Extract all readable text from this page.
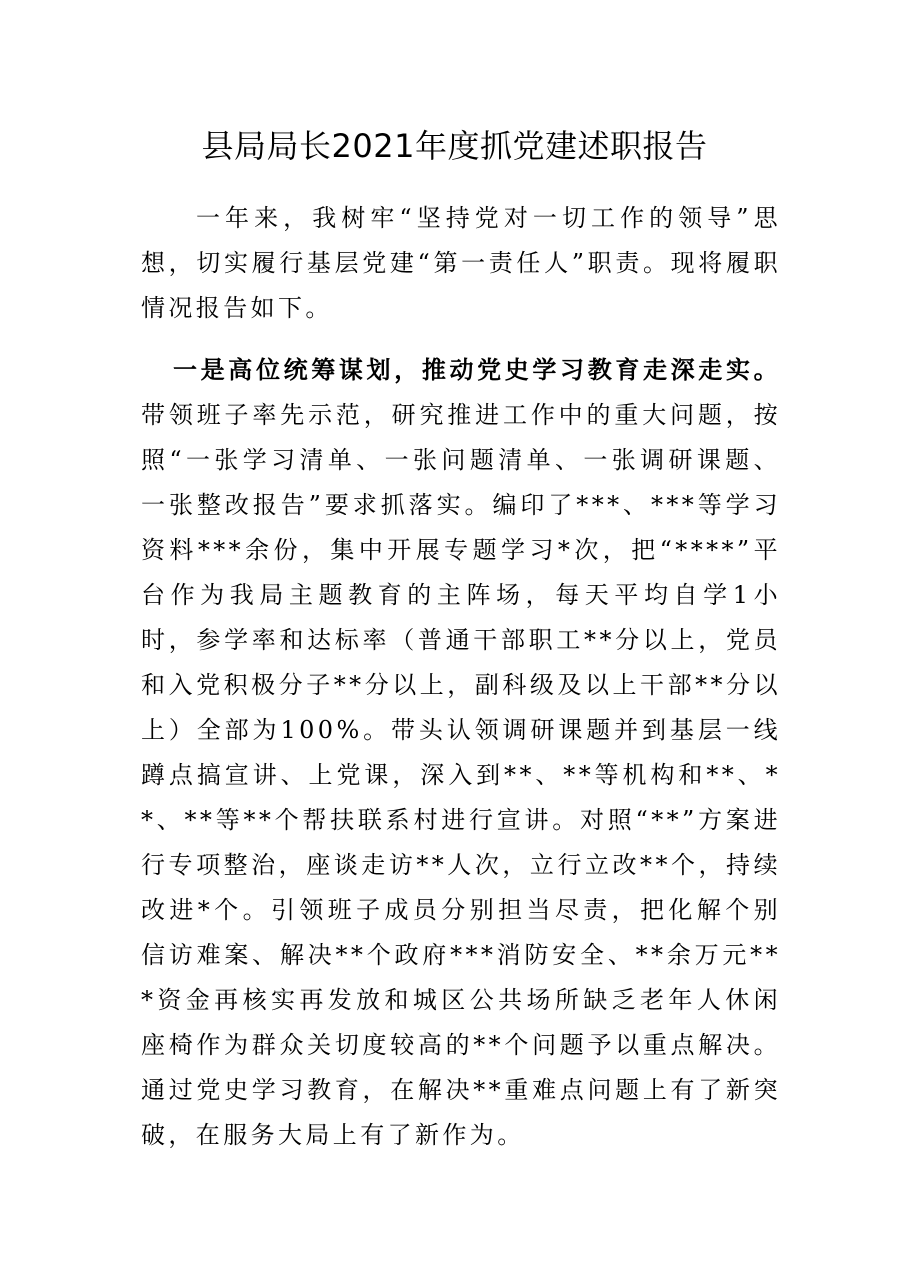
县局局长2021年度抓党建述职报告

一年来，我树牢“坚持党对一切工作的领导”思想，切实履行基层党建“第一责任人”职责。现将履职情况报告如下。

一是高位统筹谋划，推动党史学习教育走深走实。带领班子率先示范，研究推进工作中的重大问题，按照“一张学习清单、一张问题清单、一张调研课题、一张整改报告”要求抓落实。编印了***、***等学习资料***余份，集中开展专题学习*次，把“****”平台作为我局主题教育的主阵场，每天平均自学1小时，参学率和达标率（普通干部职工**分以上，党员和入党积极分子**分以上，副科级及以上干部**分以上）全部为100%。带头认领调研课题并到基层一线蹲点搞宣讲、上党课，深入到**、**等机构和**、**、**等**个帮扶联系村进行宣讲。对照“**”方案进行专项整治，座谈走访**人次，立行立改**个，持续改进*个。引领班子成员分别担当尽责，把化解个别信访难案、解决**个政府***消防安全、**余万元***资金再核实再发放和城区公共场所缺乏老年人休闲座椅作为群众关切度较高的**个问题予以重点解决。通过党史学习教育，在解决**重难点问题上有了新突破，在服务大局上有了新作为。
